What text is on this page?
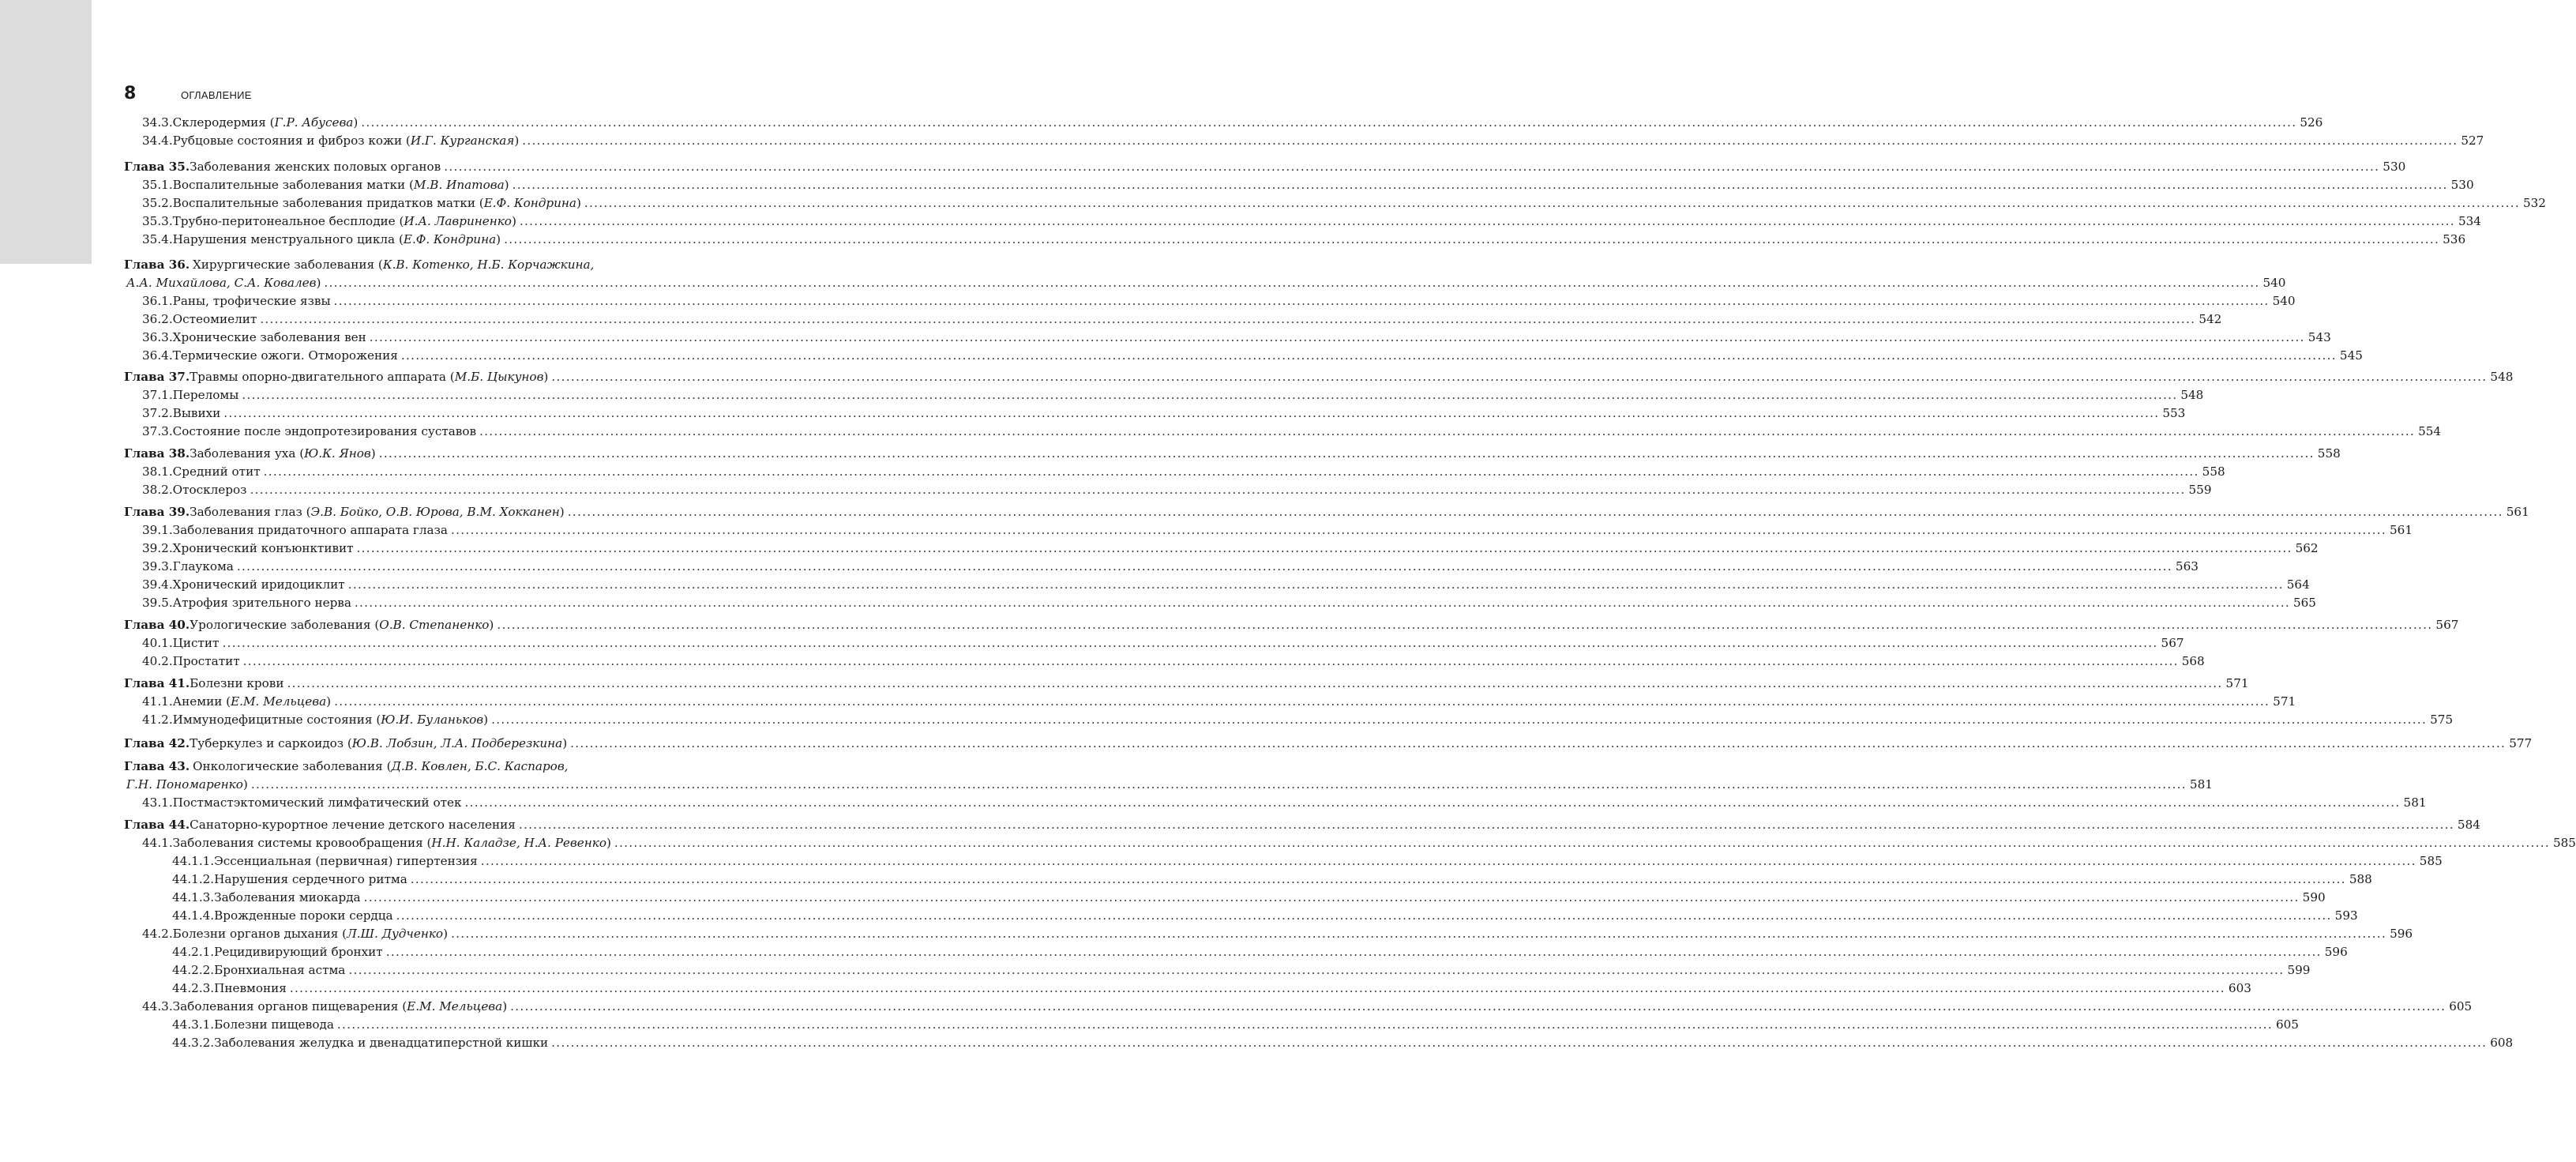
8	ОГЛАВЛЕНИЕ
34.3. Склеродермия (Г.Р. Абусева) ................................................................................................................................................................................................................................................................................................................................................................................................................ 526
34.4. Рубцовые состояния и фиброз кожи (И.Г. Курганская) ................................................................................................................................................................................................................................................................................................................................................................................................................ 527
Глава 35. Заболевания женских половых органов ................................................................................................................................................................................................................................................................................................................................................................................................................ 530
35.1. Воспалительные заболевания матки (М.В. Ипатова) ................................................................................................................................................................................................................................................................................................................................................................................................................ 530
35.2. Воспалительные заболевания придатков матки (Е.Ф. Кондрина) ................................................................................................................................................................................................................................................................................................................................................................................................................ 532
35.3. Трубно-перитонеальное бесплодие (И.А. Лавриненко) ................................................................................................................................................................................................................................................................................................................................................................................................................ 534
35.4. Нарушения менструального цикла (Е.Ф. Кондрина) ................................................................................................................................................................................................................................................................................................................................................................................................................ 536
Глава 36. Хирургические заболевания (К.В. Котенко, Н.Б. Корчажкина,
А.А. Михайлова, С.А. Ковалев) ................................................................................................................................................................................................................................................................................................................................................................................................................ 540
36.1. Раны, трофические язвы ................................................................................................................................................................................................................................................................................................................................................................................................................ 540
36.2. Остеомиелит ................................................................................................................................................................................................................................................................................................................................................................................................................ 542
36.3. Хронические заболевания вен ................................................................................................................................................................................................................................................................................................................................................................................................................ 543
36.4. Термические ожоги. Отморожения ................................................................................................................................................................................................................................................................................................................................................................................................................ 545
Глава 37. Травмы опорно-двигательного аппарата (М.Б. Цыкунов) ................................................................................................................................................................................................................................................................................................................................................................................................................ 548
37.1. Переломы ................................................................................................................................................................................................................................................................................................................................................................................................................ 548
37.2. Вывихи ................................................................................................................................................................................................................................................................................................................................................................................................................ 553
37.3. Состояние после эндопротезирования суставов ................................................................................................................................................................................................................................................................................................................................................................................................................ 554
Глава 38. Заболевания уха (Ю.К. Янов) ................................................................................................................................................................................................................................................................................................................................................................................................................ 558
38.1. Средний отит ................................................................................................................................................................................................................................................................................................................................................................................................................ 558
38.2. Отосклероз ................................................................................................................................................................................................................................................................................................................................................................................................................ 559
Глава 39. Заболевания глаз (Э.В. Бойко, О.В. Юрова, В.М. Хокканен) ................................................................................................................................................................................................................................................................................................................................................................................................................ 561
39.1. Заболевания придаточного аппарата глаза ................................................................................................................................................................................................................................................................................................................................................................................................................ 561
39.2. Хронический конъюнктивит ................................................................................................................................................................................................................................................................................................................................................................................................................ 562
39.3. Глаукома ................................................................................................................................................................................................................................................................................................................................................................................................................ 563
39.4. Хронический иридоциклит ................................................................................................................................................................................................................................................................................................................................................................................................................ 564
39.5. Атрофия зрительного нерва ................................................................................................................................................................................................................................................................................................................................................................................................................ 565
Глава 40. Урологические заболевания (О.В. Степаненко) ................................................................................................................................................................................................................................................................................................................................................................................................................ 567
40.1. Цистит ................................................................................................................................................................................................................................................................................................................................................................................................................ 567
40.2. Простатит ................................................................................................................................................................................................................................................................................................................................................................................................................ 568
Глава 41. Болезни крови ................................................................................................................................................................................................................................................................................................................................................................................................................ 571
41.1. Анемии (Е.М. Мельцева) ................................................................................................................................................................................................................................................................................................................................................................................................................ 571
41.2. Иммунодефицитные состояния (Ю.И. Буланьков) ................................................................................................................................................................................................................................................................................................................................................................................................................ 575
Глава 42. Туберкулез и саркоидоз (Ю.В. Лобзин, Л.А. Подберезкина) ................................................................................................................................................................................................................................................................................................................................................................................................................ 577
Глава 43. Онкологические заболевания (Д.В. Ковлен, Б.С. Каспаров,
Г.Н. Пономаренко) ................................................................................................................................................................................................................................................................................................................................................................................................................ 581
43.1. Постмастэктомический лимфатический отек ................................................................................................................................................................................................................................................................................................................................................................................................................ 581
Глава 44. Санаторно-курортное лечение детского населения ................................................................................................................................................................................................................................................................................................................................................................................................................ 584
44.1. Заболевания системы кровообращения (Н.Н. Каладзе, Н.А. Ревенко) ................................................................................................................................................................................................................................................................................................................................................................................................................ 585
44.1.1. Эссенциальная (первичная) гипертензия ................................................................................................................................................................................................................................................................................................................................................................................................................ 585
44.1.2. Нарушения сердечного ритма ................................................................................................................................................................................................................................................................................................................................................................................................................ 588
44.1.3. Заболевания миокарда ................................................................................................................................................................................................................................................................................................................................................................................................................ 590
44.1.4. Врожденные пороки сердца ................................................................................................................................................................................................................................................................................................................................................................................................................ 593
44.2. Болезни органов дыхания (Л.Ш. Дудченко) ................................................................................................................................................................................................................................................................................................................................................................................................................ 596
44.2.1. Рецидивирующий бронхит ................................................................................................................................................................................................................................................................................................................................................................................................................ 596
44.2.2. Бронхиальная астма ................................................................................................................................................................................................................................................................................................................................................................................................................ 599
44.2.3. Пневмония ................................................................................................................................................................................................................................................................................................................................................................................................................ 603
44.3. Заболевания органов пищеварения (Е.М. Мельцева) ................................................................................................................................................................................................................................................................................................................................................................................................................ 605
44.3.1. Болезни пищевода ................................................................................................................................................................................................................................................................................................................................................................................................................ 605
44.3.2. Заболевания желудка и двенадцатиперстной кишки ................................................................................................................................................................................................................................................................................................................................................................................................................ 608
